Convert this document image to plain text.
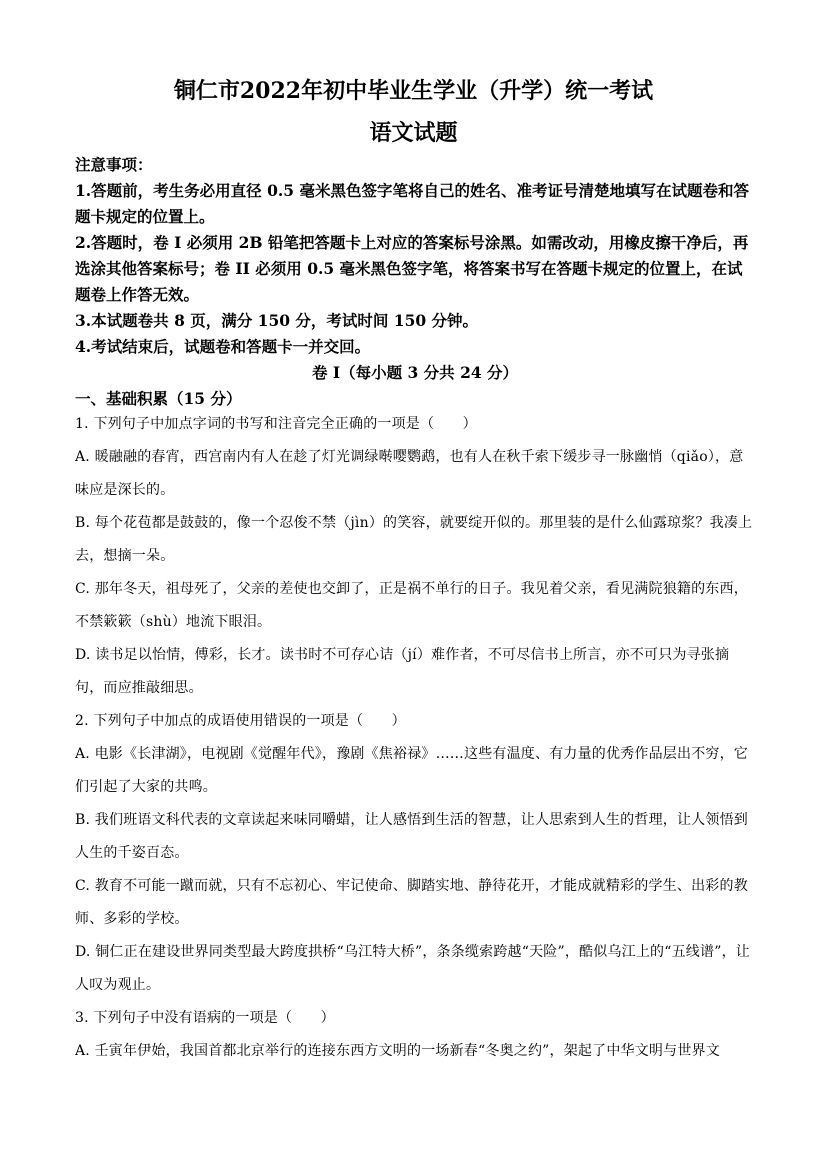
铜仁市2022年初中毕业生学业（升学）统一考试
语文试题

注意事项：

1.答题前，考生务必用直径 0.5 毫米黑色签字笔将自己的姓名、准考证号清楚地填写在试题卷和答题卡规定的位置上。

2.答题时，卷 I 必须用 2B 铅笔把答题卡上对应的答案标号涂黑。如需改动，用橡皮擦干净后，再选涂其他答案标号；卷 II 必须用 0.5 毫米黑色签字笔，将答案书写在答题卡规定的位置上，在试题卷上作答无效。

3.本试题卷共 8 页，满分 150 分，考试时间 150 分钟。

4.考试结束后，试题卷和答题卡一并交回。

卷 I（每小题 3 分共 24 分）

一、基础积累（15 分）

1. 下列句子中加点字词的书写和注音完全正确的一项是（　　）

A. 暖融融的春宵，西宫南内有人在趁了灯光调绿啭嘤鹦鹉，也有人在秋千索下缓步寻一脉幽悄（qiǎo），意味应是深长的。

B. 每个花苞都是鼓鼓的，像一个忍俊不禁（jìn）的笑容，就要绽开似的。那里装的是什么仙露琼浆？我凑上去，想摘一朵。

C. 那年冬天，祖母死了，父亲的差使也交卸了，正是祸不单行的日子。我见着父亲，看见满院狼籍的东西，不禁簌簌（shù）地流下眼泪。

D. 读书足以怡情，傅彩，长才。读书时不可存心诘（jí）难作者，不可尽信书上所言，亦不可只为寻张摘句，而应推敲细思。

2. 下列句子中加点的成语使用错误的一项是（　　）

A. 电影《长津湖》，电视剧《觉醒年代》，豫剧《焦裕禄》……这些有温度、有力量的优秀作品层出不穷，它们引起了大家的共鸣。

B. 我们班语文科代表的文章读起来味同嚼蜡，让人感悟到生活的智慧，让人思索到人生的哲理，让人领悟到人生的千姿百态。

C. 教育不可能一蹴而就，只有不忘初心、牢记使命、脚踏实地、静待花开，才能成就精彩的学生、出彩的教师、多彩的学校。

D. 铜仁正在建设世界同类型最大跨度拱桥“乌江特大桥”，条条缆索跨越“天险”，酷似乌江上的“五线谱”，让人叹为观止。

3. 下列句子中没有语病的一项是（　　）

A. 壬寅年伊始，我国首都北京举行的连接东西方文明的一场新春“冬奥之约”，架起了中华文明与世界文
